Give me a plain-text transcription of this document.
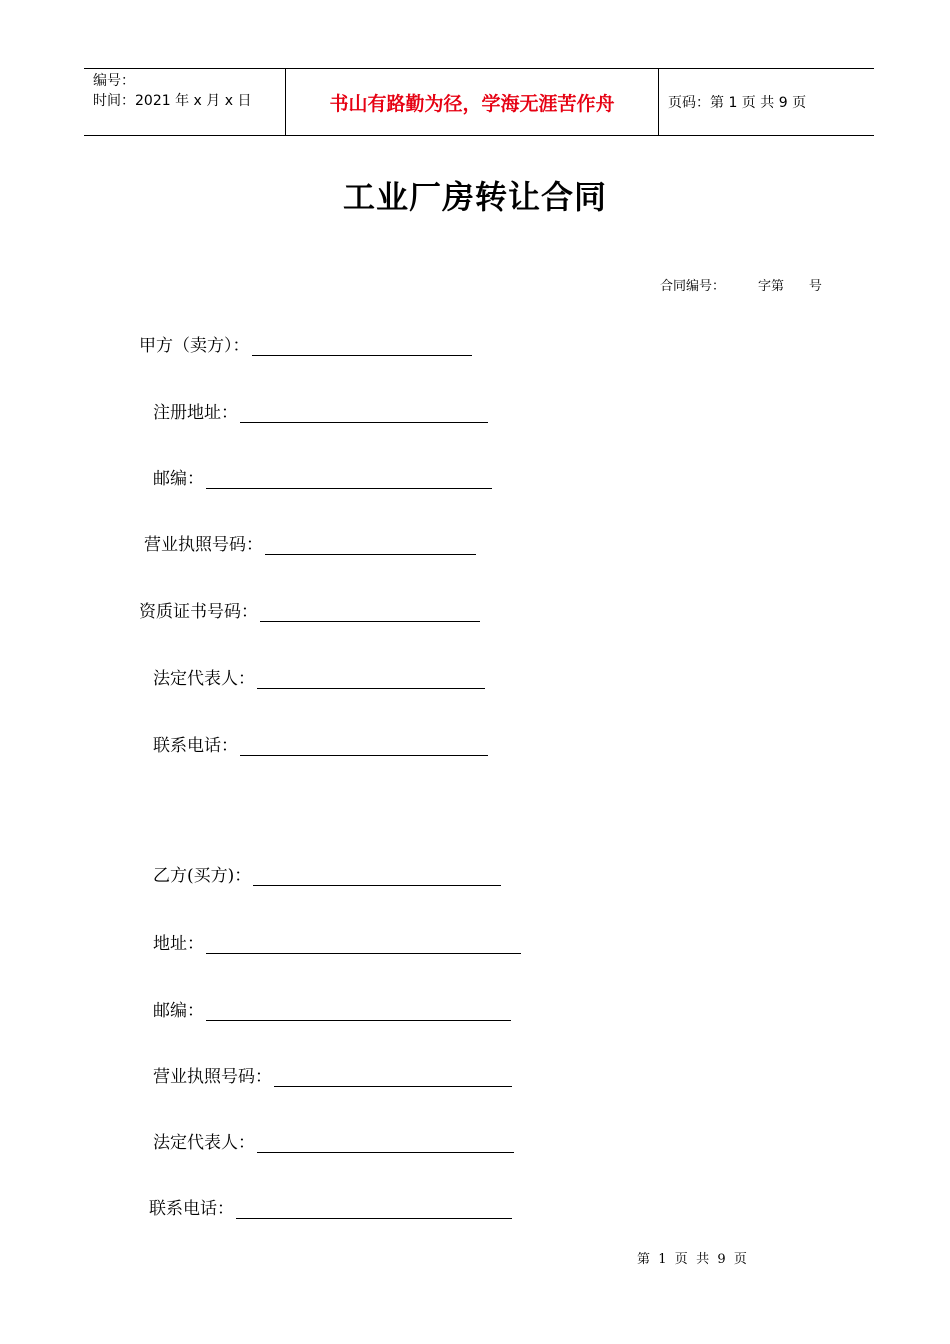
编号：
时间：2021 年 x 月 x 日	书山有路勤为径，学海无涯苦作舟	页码：第 1 页 共 9 页
工业厂房转让合同
合同编号：        字第      号
甲方（卖方）：
注册地址：
邮编：
营业执照号码：
资质证书号码：
法定代表人：
联系电话：
乙方(买方)：
地址：
邮编：
营业执照号码：
法定代表人：
联系电话：
第  1  页  共  9  页
